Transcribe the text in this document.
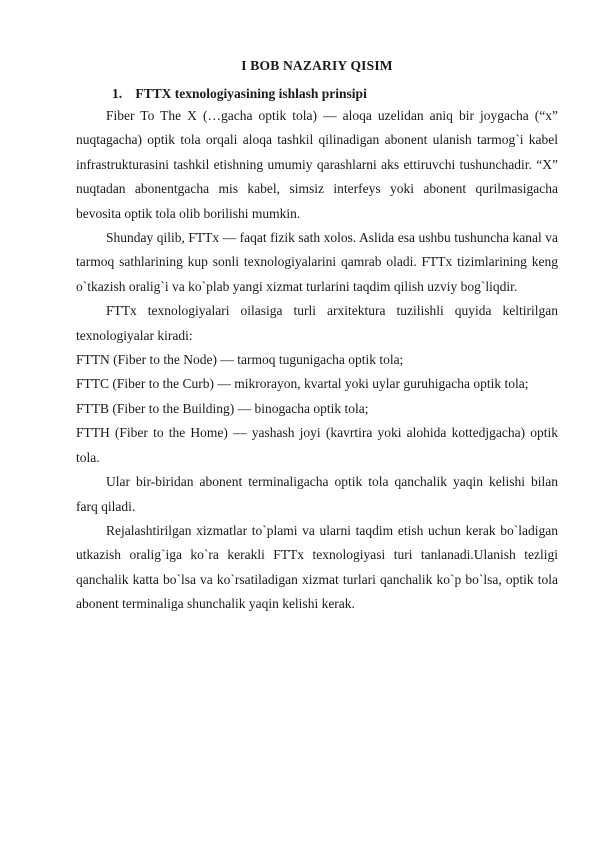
I BOB NAZARIY QISIM
1. FTTX texnologiyasining ishlash prinsipi

Fiber To The X (…gacha optik tola) — aloqa uzelidan aniq bir joygacha (“x” nuqtagacha) optik tola orqali aloqa tashkil qilinadigan abonent ulanish tarmog`i kabel infrastrukturasini tashkil etishning umumiy qarashlarni aks ettiruvchi tushunchadir. “X” nuqtadan abonentgacha mis kabel, simsiz interfeys yoki abonent qurilmasigacha bevosita optik tola olib borilishi mumkin.

Shunday qilib, FTTx — faqat fizik sath xolos. Aslida esa ushbu tushuncha kanal va tarmoq sathlarining kup sonli texnologiyalarini qamrab oladi. FTTx tizimlarining keng o`tkazish oralig`i va ko`plab yangi xizmat turlarini taqdim qilish uzviy bog`liqdir.

FTTx texnologiyalari oilasiga turli arxitektura tuzilishli quyida keltirilgan texnologiyalar kiradi:

FTTN (Fiber to the Node) — tarmoq tugunigacha optik tola;

FTTC (Fiber to the Curb) — mikrorayon, kvartal yoki uylar guruhigacha optik tola;

FTTB (Fiber to the Building) — binogacha optik tola;

FTTH (Fiber to the Home) — yashash joyi (kavrtira yoki alohida kottedjgacha) optik tola.

Ular bir-biridan abonent terminaligacha optik tola qanchalik yaqin kelishi bilan farq qiladi.

Rejalashtirilgan xizmatlar to`plami va ularni taqdim etish uchun kerak bo`ladigan utkazish oralig`iga ko`ra kerakli FTTx texnologiyasi turi tanlanadi.Ulanish tezligi qanchalik katta bo`lsa va ko`rsatiladigan xizmat turlari qanchalik ko`p bo`lsa, optik tola abonent terminaliga shunchalik yaqin kelishi kerak.
